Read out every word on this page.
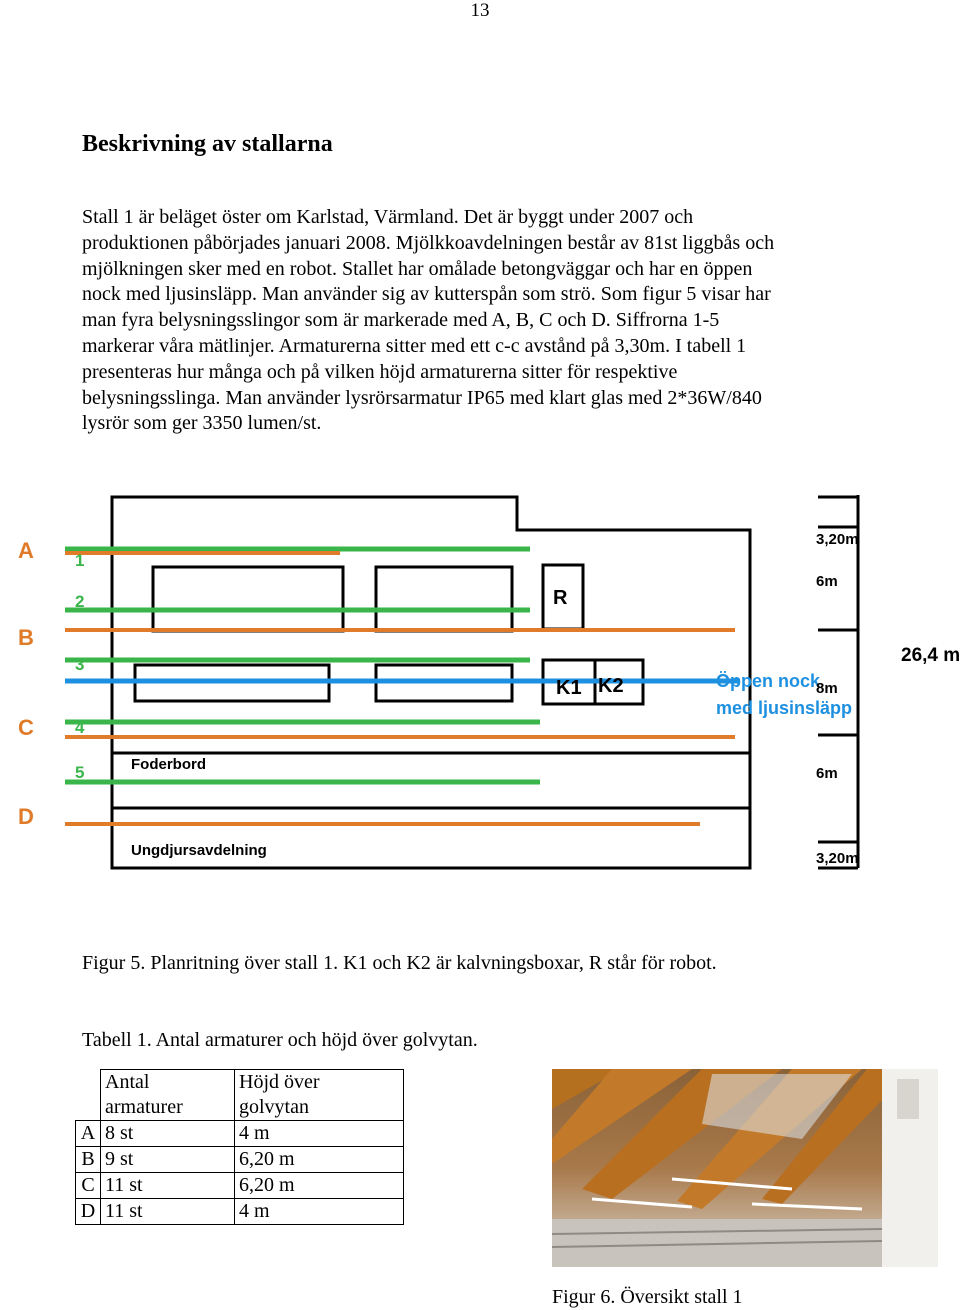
13
Beskrivning av stallarna
Stall 1 är beläget öster om Karlstad, Värmland. Det är byggt under 2007 och
produktionen påbörjades januari 2008. Mjölkkoavdelningen består av 81st liggbås och
mjölkningen sker med en robot. Stallet har omålade betongväggar och har en öppen
nock med ljusinsläpp. Man använder sig av kutterspån som strö. Som figur 5 visar har
man fyra belysningsslingor som är markerade med A, B, C och D. Siffrorna 1-5
markerar våra mätlinjer. Armaturerna sitter med ett c-c avstånd på 3,30m. I tabell 1
presenteras hur många och på vilken höjd armaturerna sitter för respektive
belysningsslinga. Man använder lysrörsarmatur IP65 med klart glas med 2*36W/840
lysrör som ger 3350 lumen/st.
A
B
C
D
1
2
3
4
5
R
K1 K2
Foderbord
Ungdjursavdelning
Öppen nock
med ljusinsläpp
3,20m
6m
8m
6m
3,20m
26,4 m
Figur 5. Planritning över stall 1. K1 och K2 är kalvningsboxar, R står för robot.
Tabell 1. Antal armaturer och höjd över golvytan.
	Antal
armaturer	Höjd över
golvytan
A	8 st	4 m
B	9 st	6,20 m
C	11 st	6,20 m
D	11 st	4 m
Figur 6. Översikt stall 1
